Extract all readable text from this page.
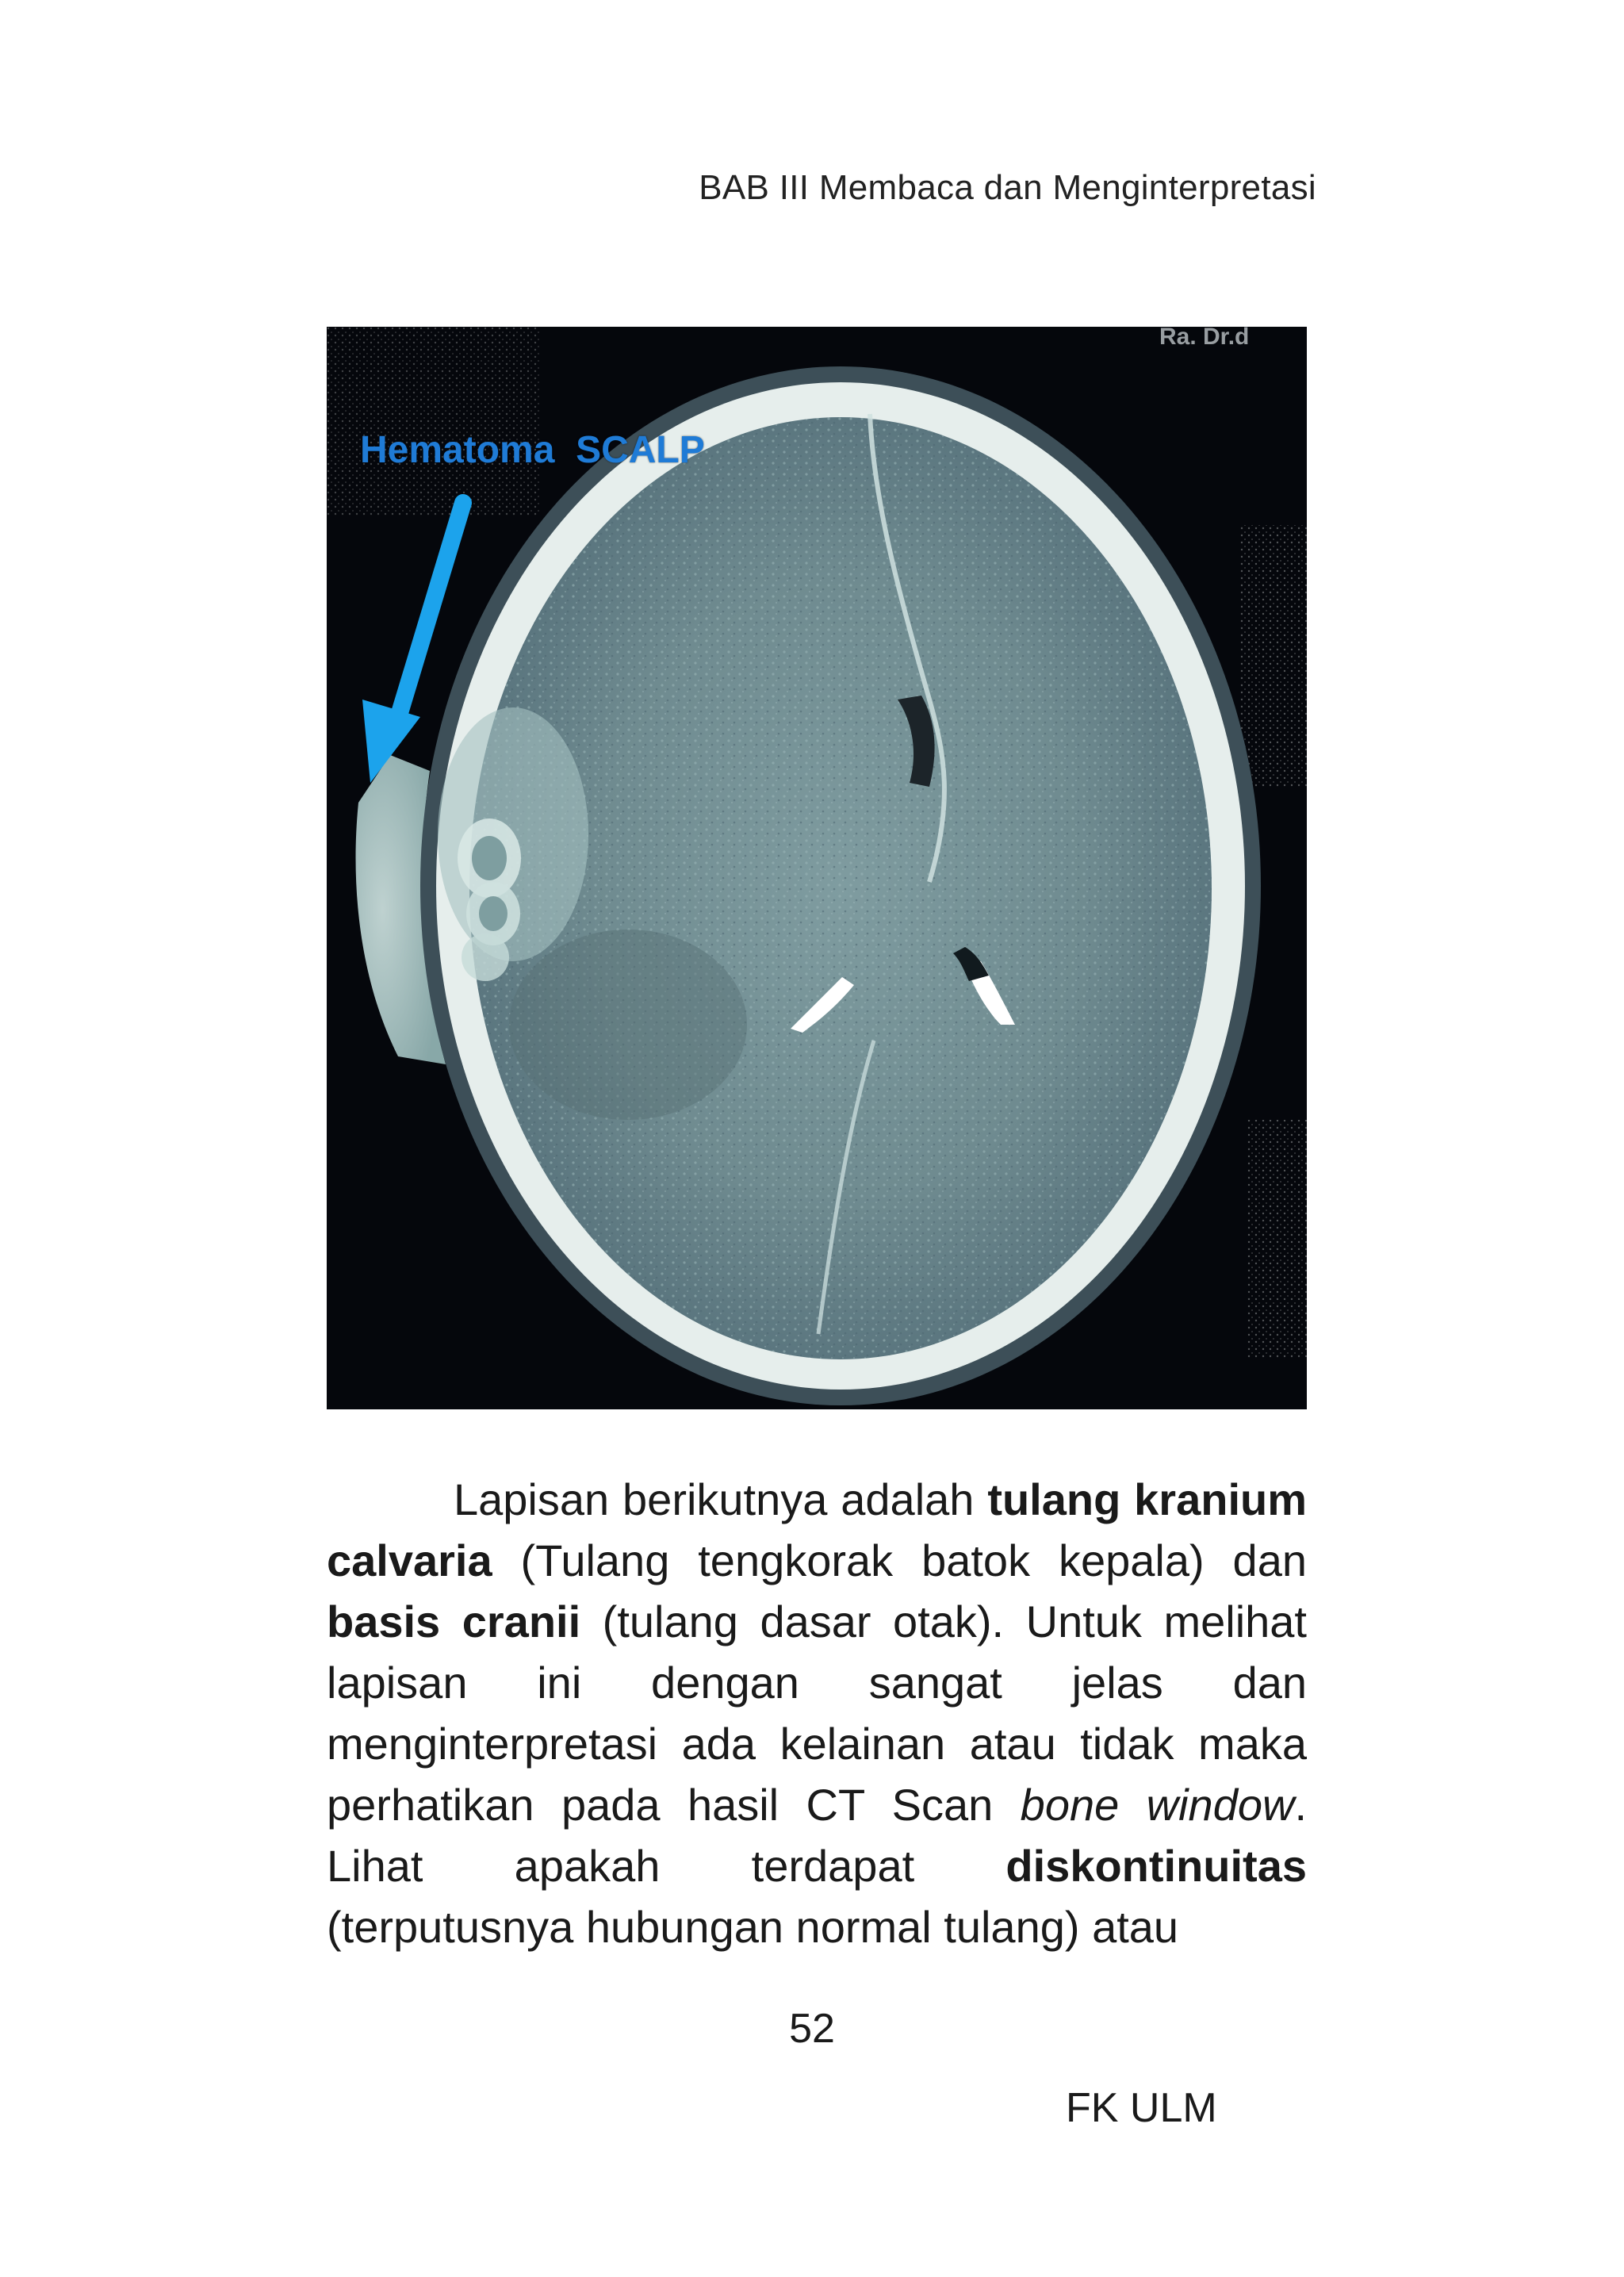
BAB III Membaca dan Menginterpretasi
Ra. Dr.d
Hematoma  SCALP

Lapisan berikutnya adalah tulang kranium calvaria (Tulang tengkorak batok kepala) dan basis cranii (tulang dasar otak). Untuk melihat lapisan ini dengan sangat jelas dan menginterpretasi ada kelainan atau tidak maka perhatikan pada hasil CT Scan bone window. Lihat apakah terdapat diskontinuitas (terputusnya hubungan normal tulang) atau

52
FK ULM
